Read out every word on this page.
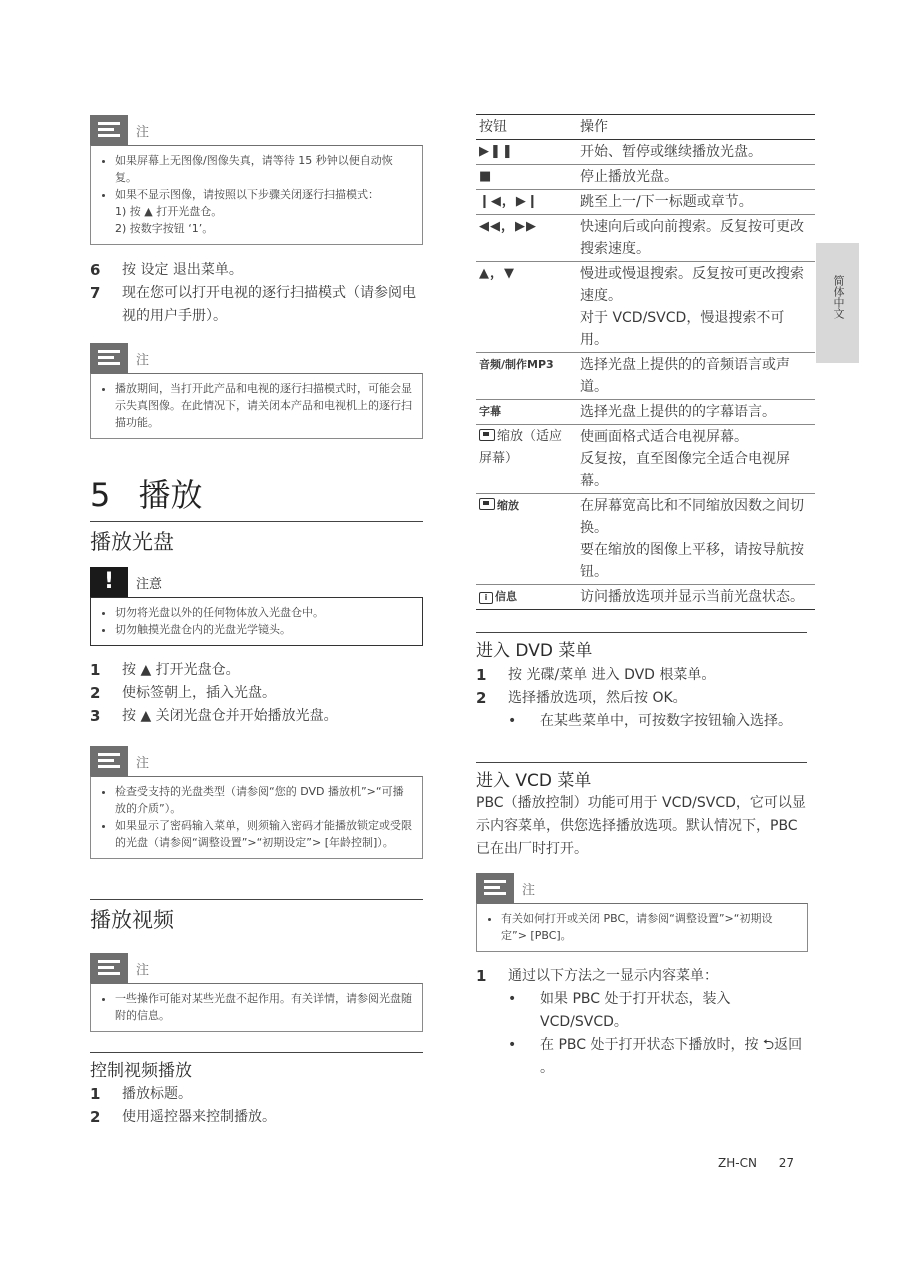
简体中文
注
• 如果屏幕上无图像/图像失真，请等待 15 秒钟以便自动恢复。
• 如果不显示图像，请按照以下步骤关闭逐行扫描模式：
1) 按 ▲ 打开光盘仓。
2) 按数字按钮 ‘1’。
6 按 设定 退出菜单。
7 现在您可以打开电视的逐行扫描模式（请参阅电视的用户手册）。
注
• 播放期间，当打开此产品和电视的逐行扫描模式时，可能会显示失真图像。在此情况下，请关闭本产品和电视机上的逐行扫描功能。
5 播放
播放光盘
!	注意
• 切勿将光盘以外的任何物体放入光盘仓中。
• 切勿触摸光盘仓内的光盘光学镜头。
1 按 ▲ 打开光盘仓。
2 使标签朝上，插入光盘。
3 按 ▲ 关闭光盘仓并开始播放光盘。
注
• 检查受支持的光盘类型（请参阅“您的 DVD 播放机”>“可播放的介质”）。
• 如果显示了密码输入菜单，则须输入密码才能播放锁定或受限的光盘（请参阅“调整设置”>“初期设定”> [年龄控制]）。
播放视频
注
• 一些操作可能对某些光盘不起作用。有关详情，请参阅光盘随附的信息。
控制视频播放
1 播放标题。
2 使用遥控器来控制播放。
按钮	操作
▶❚❚	开始、暂停或继续播放光盘。
■	停止播放光盘。
❙◀，▶❙	跳至上一/下一标题或章节。
◀◀，▶▶	快速向后或向前搜索。反复按可更改搜索速度。
▲，▼	慢进或慢退搜索。反复按可更改搜索速度。
对于 VCD/SVCD，慢退搜索不可用。

音频/制作MP3	选择光盘上提供的的音频语言或声道。
字幕	选择光盘上提供的的字幕语言。
缩放（适应屏幕）	使画面格式适合电视屏幕。
反复按，直至图像完全适合电视屏幕。

缩放	在屏幕宽高比和不同缩放因数之间切换。
要在缩放的图像上平移，请按导航按钮。

i 信息	访问播放选项并显示当前光盘状态。
进入 DVD 菜单
1 按 光碟/菜单 进入 DVD 根菜单。
2 选择播放选项，然后按 OK。
• 在某些菜单中，可按数字按钮输入选择。
进入 VCD 菜单
PBC（播放控制）功能可用于 VCD/SVCD，它可以显示内容菜单，供您选择播放选项。默认情况下，PBC 已在出厂时打开。
注
• 有关如何打开或关闭 PBC，请参阅“调整设置”>“初期设定”> [PBC]。
1 通过以下方法之一显示内容菜单：
• 如果 PBC 处于打开状态，装入 VCD/SVCD。
• 在 PBC 处于打开状态下播放时，按 ⮌返回 。
ZH-CN 27
